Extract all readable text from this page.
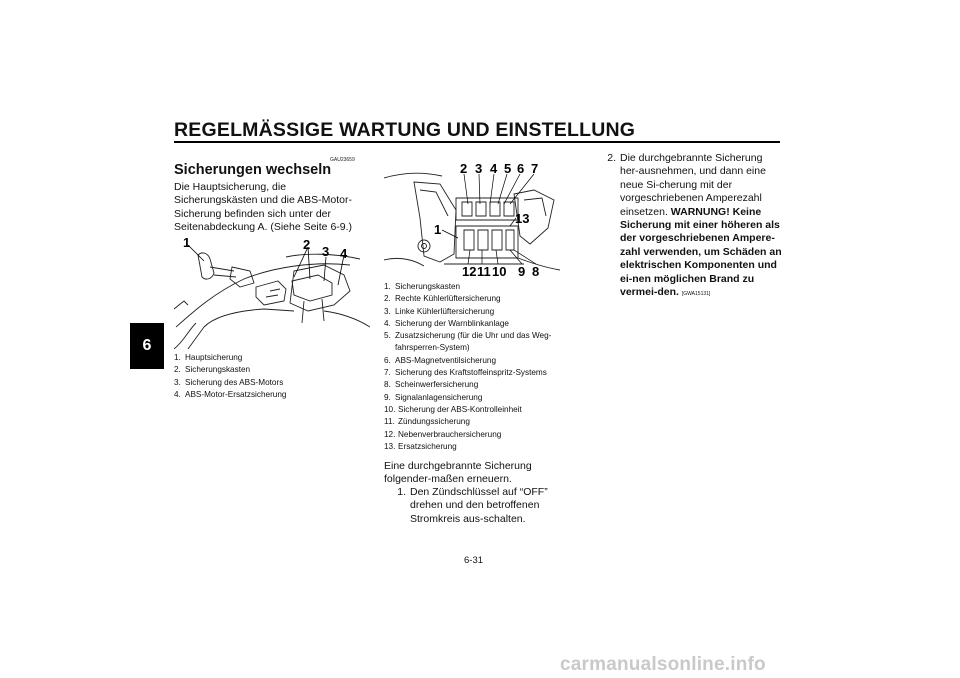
REGELMÄSSIGE WARTUNG UND EINSTELLUNG
6
GAU23659
Sicherungen wechseln
Die Hauptsicherung, die Sicherungskästen und die ABS-Motor-Sicherung befinden sich unter der Seitenabdeckung A. (Siehe Seite 6-9.)
1	2 3 4
1. Hauptsicherung
2. Sicherungskasten
3. Sicherung des ABS-Motors
4. ABS-Motor-Ersatzsicherung
2 3 4 5 6 7
13
1
12 11 10 9 8
1. Sicherungskasten
2. Rechte Kühlerlüftersicherung
3. Linke Kühlerlüftersicherung
4. Sicherung der Warnblinkanlage
5. Zusatzsicherung (für die Uhr und das Weg-fahrsperren-System)
6. ABS-Magnetventilsicherung
7. Sicherung des Kraftstoffeinspritz-Systems
8. Scheinwerfersicherung
9. Signalanlagensicherung
10. Sicherung der ABS-Kontrolleinheit
11. Zündungssicherung
12. Nebenverbrauchersicherung
13. Ersatzsicherung
Eine durchgebrannte Sicherung folgender-maßen erneuern.
1. Den Zündschlüssel auf “OFF” drehen und den betroffenen Stromkreis aus-schalten.
2. Die durchgebrannte Sicherung her-ausnehmen, und dann eine neue Si-cherung mit der vorgeschriebenen Amperezahl einsetzen. WARNUNG! Keine Sicherung mit einer höheren als der vorgeschriebenen Ampere-zahl verwenden, um Schäden an elektrischen Komponenten und ei-nen möglichen Brand zu vermei-den. [GWA15131]
6-31
carmanualsonline.info
